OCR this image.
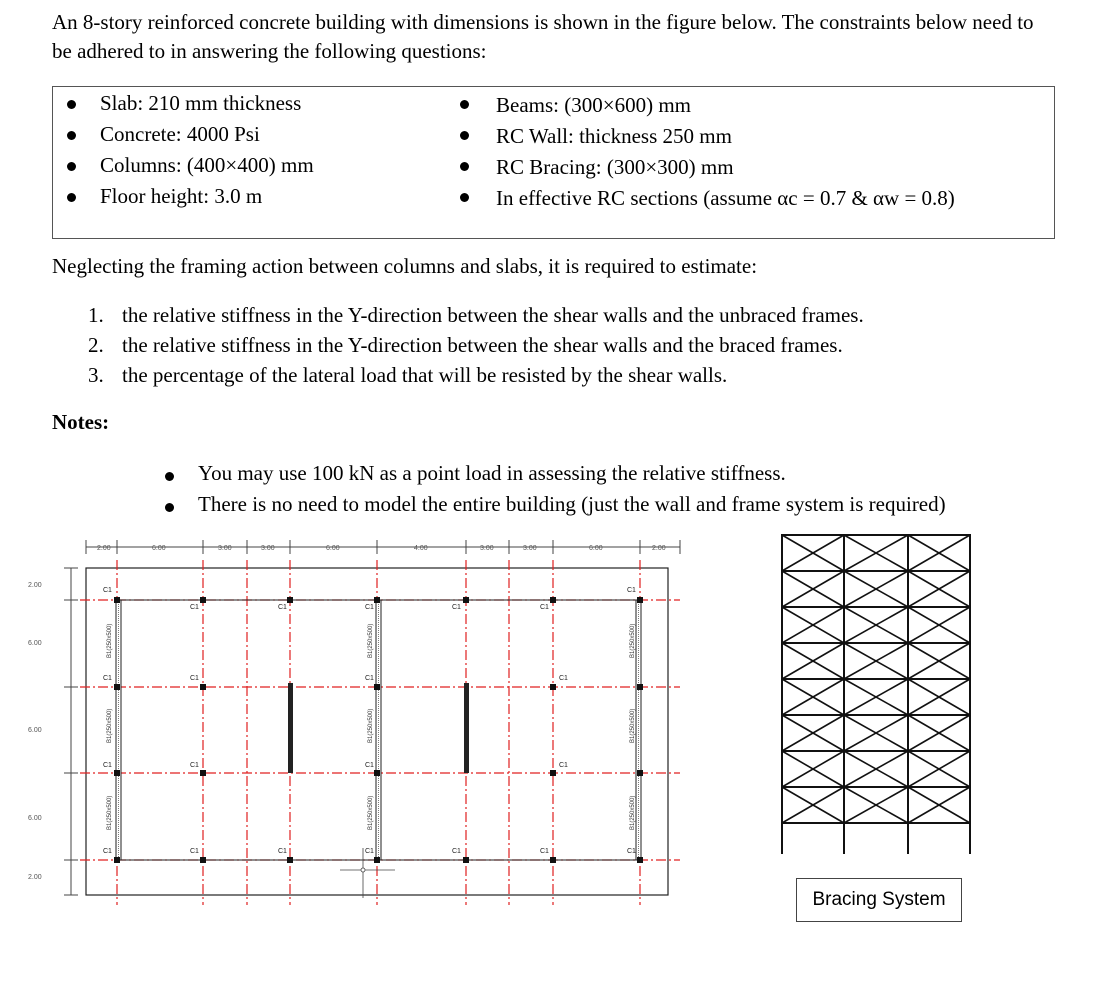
An 8-story reinforced concrete building with dimensions is shown in the figure below. The constraints below need to be adhered to in answering the following questions:
Slab: 210 mm thickness
Concrete: 4000 Psi
Columns: (400×400) mm
Floor height: 3.0 m
Beams: (300×600) mm
RC Wall: thickness 250 mm
RC Bracing: (300×300) mm
In effective RC sections (assume αc = 0.7 & αw = 0.8)
Neglecting the framing action between columns and slabs, it is required to estimate:
1. the relative stiffness in the Y-direction between the shear walls and the unbraced frames.
2. the relative stiffness in the Y-direction between the shear walls and the braced frames.
3. the percentage of the lateral load that will be resisted by the shear walls.
Notes:
You may use 100 kN as a point load in assessing the relative stiffness.
There is no need to model the entire building (just the wall and frame system is required)
2.00	6.00	3.00	3.00	6.00	4.00	3.00	3.00	6.00	2.00
2.00
6.00
6.00
6.00
2.00
C1
C1
C1
C1
C1
C1
C1
C1
C1
C1
C1
C1
C1
C1
C1
C1
C1
C1
C1
C1
C1
C1
B1(250x500)
B1(250x500)
B1(250x500)
B1(250x500)
B1(250x500)
B1(250x500)
B1(250x500)
B1(250x500)
B1(250x500)
Bracing System
